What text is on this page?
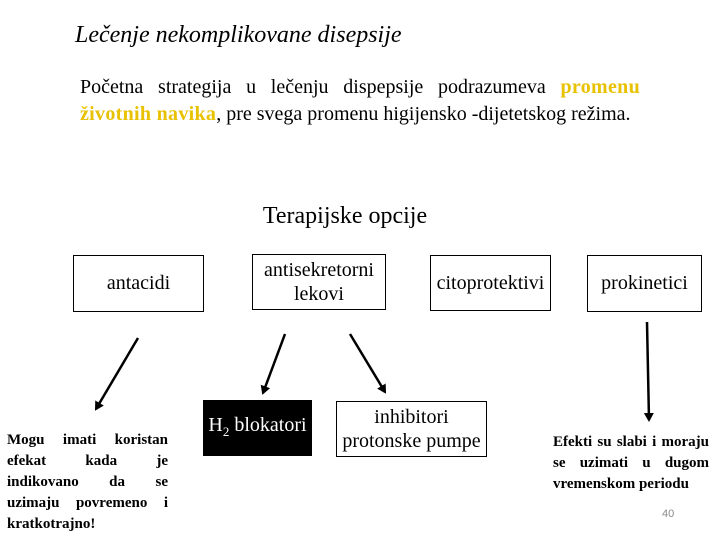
Lečenje nekomplikovane disepsije
Početna strategija u lečenju dispepsije podrazumeva promenu životnih navika, pre svega promenu higijensko -dijetetskog režima.
Terapijske opcije
antacidi
antisekretorni lekovi
citoprotektivi	prokinetici
$H_2$ blokatori	inhibitori protonske pumpe
Mogu imati koristan efekat kada je indikovano da se uzimaju povremeno i kratkotrajno!
Efekti su slabi i moraju se uzimati u dugom vremenskom periodu
40
